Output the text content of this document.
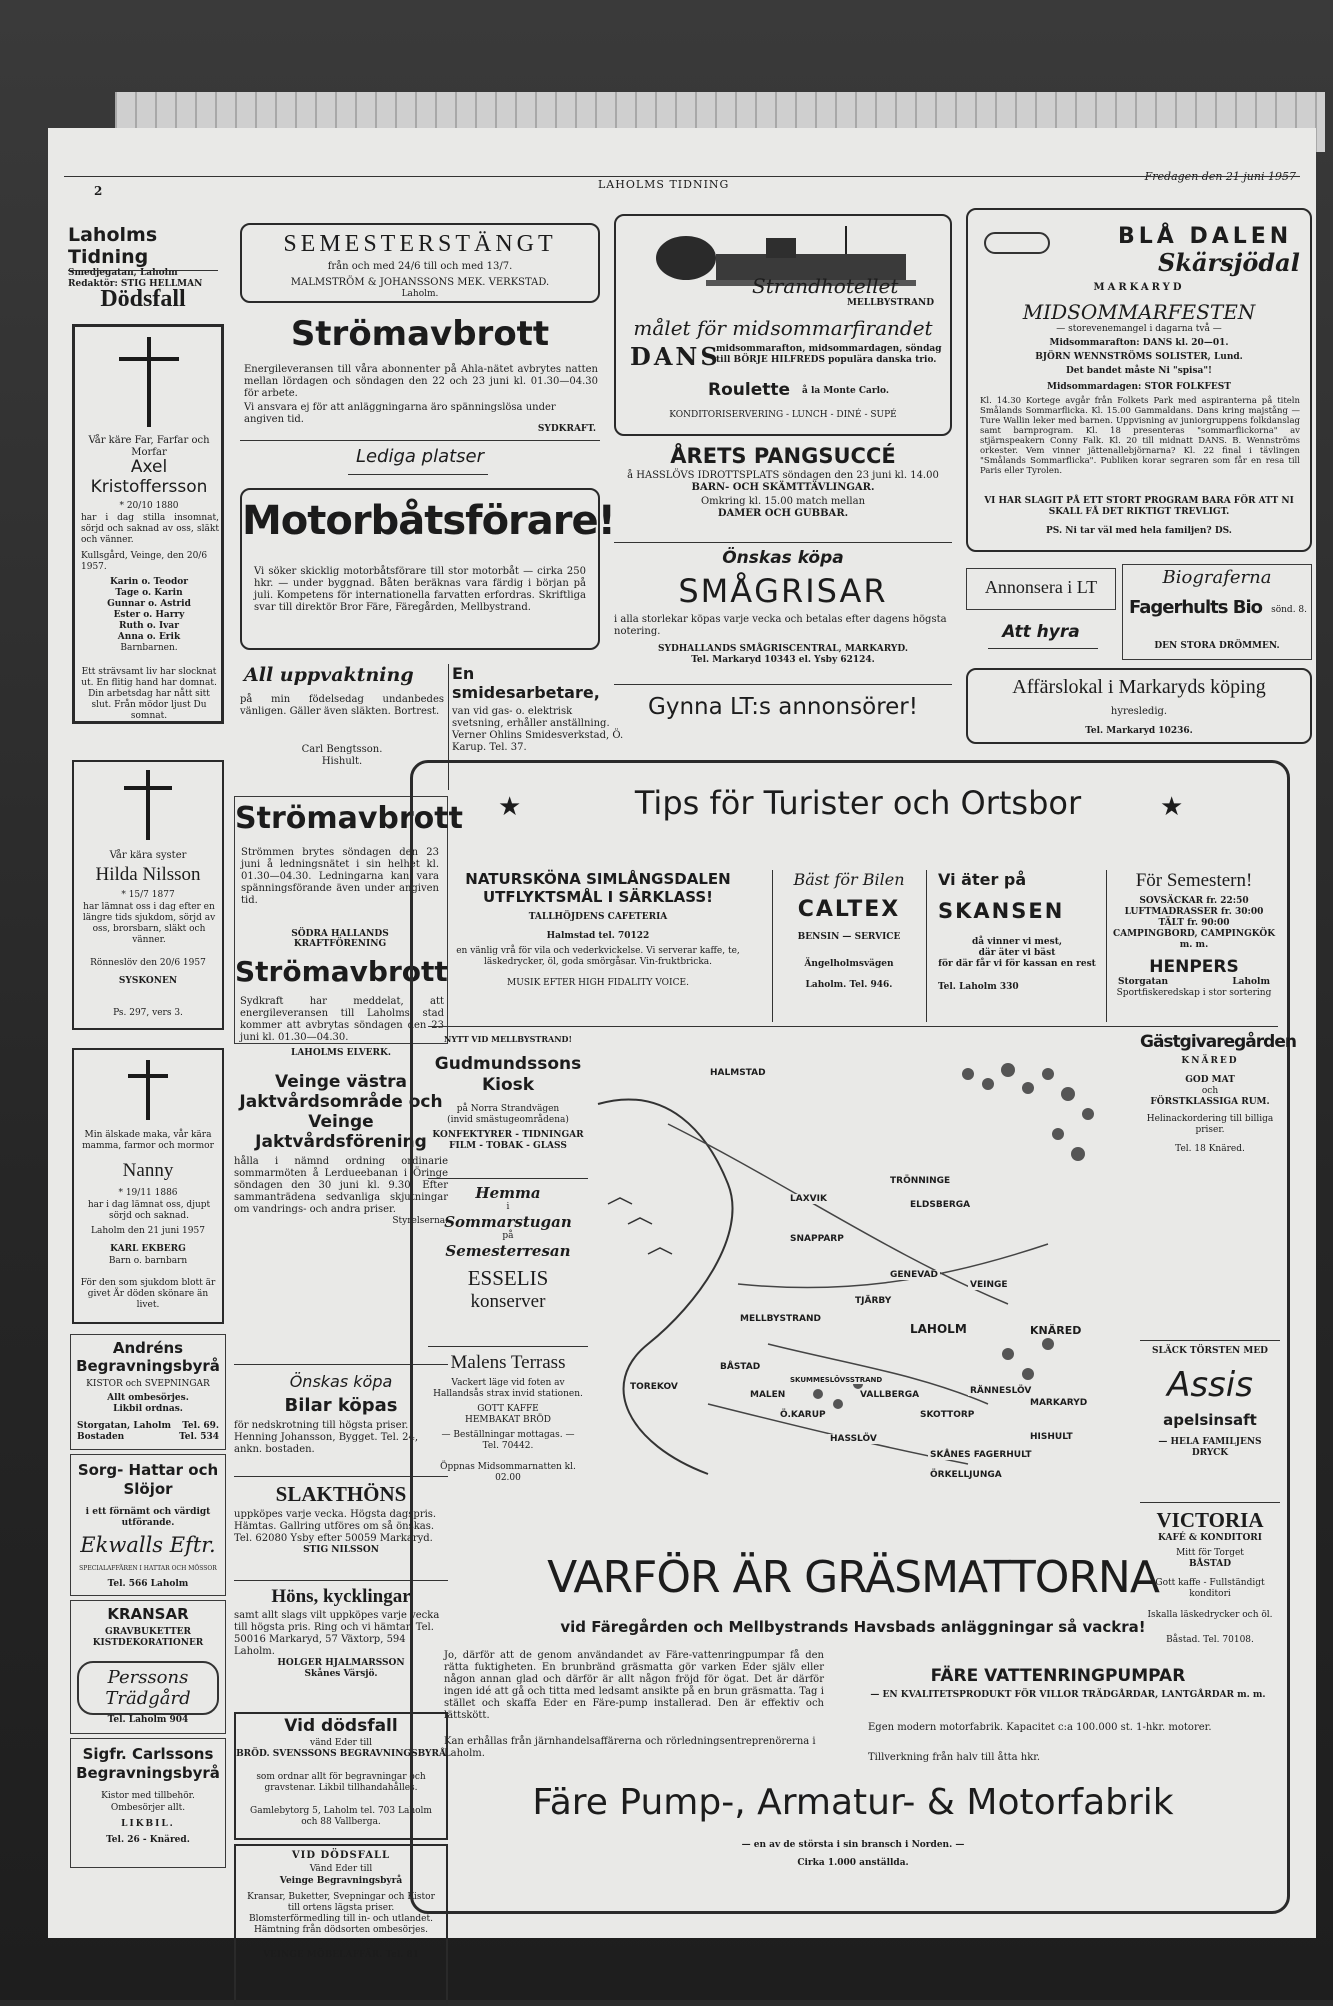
2	LAHOLMS TIDNING
Fredagen den 21 juni 1957
Laholms Tidning
Smedjegatan, Laholm
Redaktör: STIG HELLMAN
Dödsfall
Vår käre Far, Farfar och Morfar
Axel Kristoffersson
* 20/10 1880
har i dag stilla insomnat, sörjd och saknad av oss, släkt och vänner.
Kullsgård, Veinge, den 20/6 1957.
Karin o. Teodor
Tage o. Karin
Gunnar o. Astrid
Ester o. Harry
Ruth o. Ivar
Anna o. Erik
Barnbarnen.
Ett strävsamt liv har slocknat ut. En flitig hand har domnat. Din arbetsdag har nått sitt slut. Från mödor ljust Du somnat.
Vår kära syster
Hilda Nilsson
* 15/7 1877
har lämnat oss i dag efter en längre tids sjukdom, sörjd av oss, brorsbarn, släkt och vänner.
Rönneslöv den 20/6 1957
SYSKONEN
Ps. 297, vers 3.
Min älskade maka, vår kära mamma, farmor och mormor
Nanny
* 19/11 1886
har i dag lämnat oss, djupt sörjd och saknad.
Laholm den 21 juni 1957
KARL EKBERG
Barn o. barnbarn
För den som sjukdom blott är givet Är döden skönare än livet.
Andréns Begravningsbyrå
KISTOR och SVEPNINGAR
Allt ombesörjes.
Likbil ordnas.
Storgatan, Laholm Tel. 69.
Bostaden	Tel. 534
Sorg- Hattar och Slöjor
i ett förnämt och värdigt utförande.
Ekwalls Eftr.
SPECIALAFFÄREN I HATTAR OCH MÖSSOR
Tel. 566 Laholm
KRANSAR
GRAVBUKETTER
KISTDEKORATIONER
Perssons Trädgård
Tel. Laholm 904
Sigfr. Carlssons Begravningsbyrå
Kistor med tillbehör.
Ombesörjer allt.
LIKBIL.
Tel. 26 - Knäred.
SEMESTERSTÄNGT
från och med 24/6 till och med 13/7.
MALMSTRÖM & JOHANSSONS MEK. VERKSTAD.
Laholm.
Strömavbrott
Energileveransen till våra abonnenter på Ahla-nätet avbrytes natten mellan lördagen och söndagen den 22 och 23 juni kl. 01.30—04.30 för arbete.
Vi ansvara ej för att anläggningarna äro spänningslösa under angiven tid.
SYDKRAFT.
Lediga platser
Motorbåtsförare!
Vi söker skicklig motorbåtsförare till stor motorbåt — cirka 250 hkr. — under byggnad. Båten beräknas vara färdig i början på juli. Kompetens för internationella farvatten erfordras. Skriftliga svar till direktör Bror Färe, Färegården, Mellbystrand.
All uppvaktning
på min födelsedag undanbedes vänligen. Gäller även släkten. Bortrest.
Carl Bengtsson.
Hishult.
En smidesarbetare,
van vid gas- o. elektrisk svetsning, erhåller anställning. Verner Ohlins Smidesverkstad, Ö. Karup. Tel. 37.
Strömavbrott
Strömmen brytes söndagen den 23 juni å ledningsnätet i sin helhet kl. 01.30—04.30. Ledningarna kan vara spänningsförande även under angiven tid.
SÖDRA HALLANDS
KRAFTFÖRENING
Strömavbrott
Sydkraft har meddelat, att energileveransen till Laholms stad kommer att avbrytas söndagen den 23 juni kl. 01.30—04.30.
LAHOLMS ELVERK.
Veinge västra Jaktvårdsområde och Veinge Jaktvårdsförening
hålla i nämnd ordning ordinarie sommarmöten å Lerdueebanan i Öringe söndagen den 30 juni kl. 9.30. Efter sammanträdena sedvanliga skjutningar om vandrings- och andra priser.
Styrelserna.
Önskas köpa
Bilar köpas
för nedskrotning till högsta priser. Henning Johansson, Bygget. Tel. 24, ankn. bostaden.
SLAKTHÖNS
uppköpes varje vecka. Högsta dagspris. Hämtas. Gallring utföres om så önskas. Tel. 62080 Ysby efter 50059 Markaryd.
STIG NILSSON
Höns, kycklingar
samt allt slags vilt uppköpes varje vecka till högsta pris. Ring och vi hämtar. Tel. 50016 Markaryd, 57 Växtorp, 594 Laholm.
HOLGER HJALMARSSON
Skånes Värsjö.
Vid dödsfall
vänd Eder till
BRÖD. SVENSSONS BEGRAVNINGSBYRÅ
som ordnar allt för begravningar och gravstenar. Likbil tillhandahålles.
Gamlebytorg 5, Laholm tel. 703 Laholm och 88 Vallberga.
VID DÖDSFALL
Vänd Eder till
Veinge Begravningsbyrå
Kransar, Buketter, Svepningar och Kistor till ortens lägsta priser. Blomsterförmedling till in- och utlandet. Hämtning från dödsorten ombesörjes.
VEINGE MÖBELAFFÄR. Tel. 81
Strandhotellet
MELLBYSTRAND
målet för midsommarfirandet
DANS
midsommarafton, midsommardagen, söndag till BÖRJE HILFREDS populära danska trio.
Roulette å la Monte Carlo.
KONDITORISERVERING - LUNCH - DINÉ - SUPÉ
ÅRETS PANGSUCCÉ
å HASSLÖVS IDROTTSPLATS söndagen den 23 juni kl. 14.00
BARN- OCH SKÄMTTÄVLINGAR.
Omkring kl. 15.00 match mellan
DAMER OCH GUBBAR.
Önskas köpa
SMÅGRISAR
i alla storlekar köpas varje vecka och betalas efter dagens högsta notering.
SYDHALLANDS SMÅGRISCENTRAL, MARKARYD.
Tel. Markaryd 10343 el. Ysby 62124.
Gynna LT:s annonsörer!
BLÅ DALEN
Skärsjödal
MARKARYD
MIDSOMMARFESTEN
— storevenemangel i dagarna två —
Midsommarafton: DANS kl. 20—01.
BJÖRN WENNSTRÖMS SOLISTER, Lund.
Det bandet måste Ni "spisa"!
Midsommardagen: STOR FOLKFEST
Kl. 14.30 Kortege avgår från Folkets Park med aspiranterna på titeln Smålands Sommarflicka. Kl. 15.00 Gammaldans. Dans kring majstång — Ture Wallin leker med barnen. Uppvisning av juniorgruppens folkdanslag samt barnprogram. Kl. 18 presenteras "sommarflickorna" av stjärnspeakern Conny Falk. Kl. 20 till midnatt DANS. B. Wennströms orkester. Vem vinner jättenallebjörnarna? Kl. 22 final i tävlingen "Smålands Sommarflicka". Publiken korar segraren som får en resa till Paris eller Tyrolen.
VI HAR SLAGIT PÅ ETT STORT PROGRAM BARA FÖR ATT NI SKALL FÅ DET RIKTIGT TREVLIGT.
PS. Ni tar väl med hela familjen? DS.
Annonsera i LT
Att hyra
Biograferna
Fagerhults Bio sönd. 8.
DEN STORA DRÖMMEN.
Affärslokal i Markaryds köping
hyresledig.
Tel. Markaryd 10236.
★	Tips för Turister och Ortsbor	★
NATURSKÖNA SIMLÅNGSDALEN
UTFLYKTSMÅL I SÄRKLASS!
TALLHÖJDENS CAFETERIA
Halmstad tel. 70122
en vänlig vrå för vila och vederkvickelse. Vi serverar kaffe, te, läskedrycker, öl, goda smörgåsar. Vin-fruktbricka.
MUSIK EFTER HIGH FIDALITY VOICE.
Bäst för Bilen
CALTEX
BENSIN — SERVICE
Ängelholmsvägen
Laholm. Tel. 946.
Vi äter på
SKANSEN
då vinner vi mest,
där äter vi bäst
för där får vi för kassan en rest
Tel. Laholm 330
För Semestern!
SOVSÄCKAR fr. 22:50
LUFTMADRASSER fr. 30:00
TÄLT fr. 90:00
CAMPINGBORD, CAMPINGKÖK m. m.
HENPERS
Storgatan	Laholm
Sportfiskeredskap i stor sortering
NYTT VID MELLBYSTRAND!
Gudmundssons Kiosk
på Norra Strandvägen
(invid smästugeområdena)
KONFEKTYRER - TIDNINGAR
FILM - TOBAK - GLASS
Hemma
i
Sommarstugan
på
Semesterresan
ESSELIS
konserver
Malens Terrass
Vackert läge vid foten av Hallandsås strax invid stationen.
GOTT KAFFE
HEMBAKAT BRÖD
— Beställningar mottagas. —
Tel. 70442.
Öppnas Midsommarnatten kl. 02.00
HALMSTAD
TRÖNNINGE
LAXVIK
ELDSBERGA
SNAPPARP
GENEVAD
VEINGE
TJÄRBY
MELLBYSTRAND
LAHOLM	KNÄRED
BÅSTAD
SKUMMESLÖVSSTRAND
TOREKOV
MALEN	VALLBERGA	RÄNNESLÖV
Ö.KARUP	SKOTTORP
MARKARYD
HASSLÖV	HISHULT
SKÅNES FAGERHULT
ÖRKELLJUNGA
Gästgivaregården
KNÄRED
GOD MAT
och
FÖRSTKLASSIGA RUM.
Helinackordering till billiga priser.
Tel. 18 Knäred.
SLÄCK TÖRSTEN MED
Assis
apelsinsaft
— HELA FAMILJENS DRYCK
VICTORIA
KAFÉ & KONDITORI
Mitt för Torget
BÅSTAD
Gott kaffe - Fullständigt konditori
Iskalla läskedrycker och öl.
Båstad. Tel. 70108.
VARFÖR ÄR GRÄSMATTORNA
vid Färegården och Mellbystrands Havsbads anläggningar så vackra!
Jo, därför att de genom användandet av Färe-vattenringpumpar få den rätta fuktigheten. En brunbränd gräsmatta gör varken Eder själv eller någon annan glad och därför är allt någon fröjd för ögat. Det är därför ingen idé att gå och titta med ledsamt ansikte på en brun gräsmatta. Tag i stället och skaffa Eder en Färe-pump installerad. Den är effektiv och lättskött.
Kan erhållas från järnhandelsaffärerna och rörledningsentreprenörerna i Laholm.
FÄRE VATTENRINGPUMPAR
— EN KVALITETSPRODUKT FÖR VILLOR TRÄDGÅRDAR, LANTGÅRDAR m. m.
Egen modern motorfabrik. Kapacitet c:a 100.000 st. 1-hkr. motorer.
Tillverkning från halv till åtta hkr.
Färe Pump-, Armatur- & Motorfabrik
— en av de största i sin bransch i Norden. —
Cirka 1.000 anställda.
